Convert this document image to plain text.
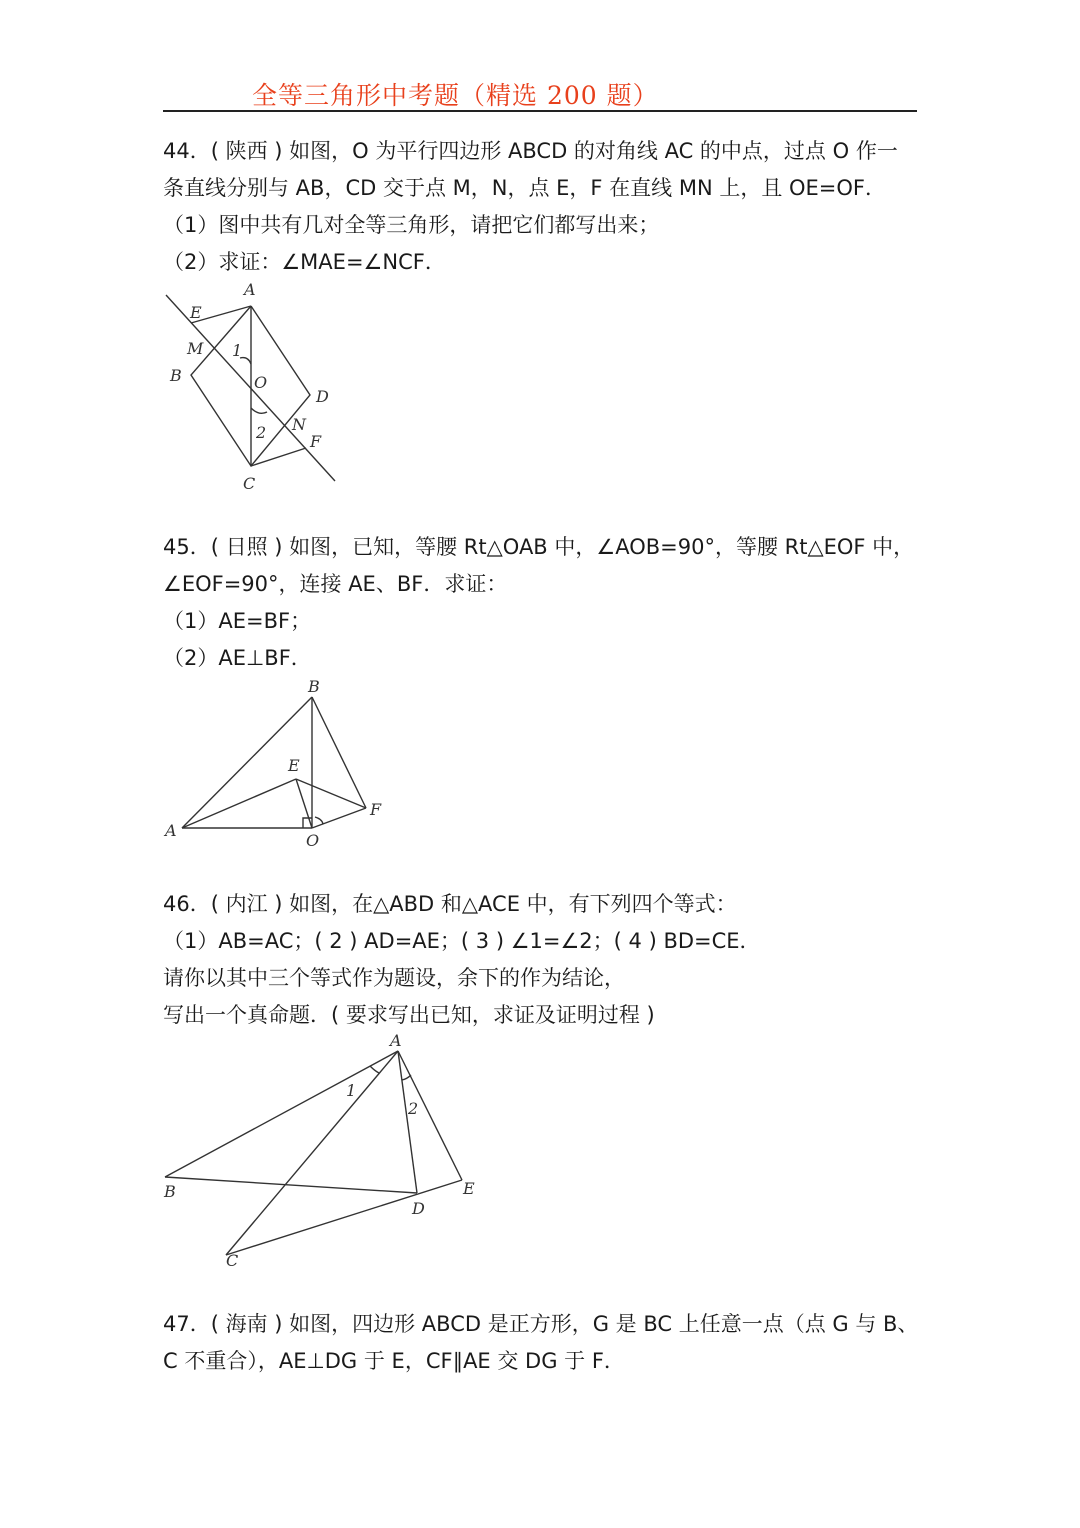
全等三角形中考题（精选 200 题）
44．( 陕西 ) 如图，O 为平行四边形 ABCD 的对角线 AC 的中点，过点 O 作一
条直线分别与 AB，CD 交于点 M，N，点 E，F 在直线 MN 上，且 OE=OF．
（1）图中共有几对全等三角形，请把它们都写出来；
（2）求证：∠MAE=∠NCF．
A
E
M 1
B	O
D
N
2	F
C
45．( 日照 ) 如图，已知，等腰 Rt△OAB 中，∠AOB=90°，等腰 Rt△EOF 中，
∠EOF=90°，连接 AE、BF．求证：
（1）AE=BF；
（2）AE⊥BF．
B
E
F
A
O
46．( 内江 ) 如图，在△ABD 和△ACE 中，有下列四个等式：
（1）AB=AC；( 2 ) AD=AE；( 3 ) ∠1=∠2；( 4 ) BD=CE．
请你以其中三个等式作为题设，余下的作为结论，
写出一个真命题．( 要求写出已知，求证及证明过程 )
A
1
2
B
D
E
C
47．( 海南 ) 如图，四边形 ABCD 是正方形，G 是 BC 上任意一点（点 G 与 B、
C 不重合），AE⊥DG 于 E，CF∥AE 交 DG 于 F．
